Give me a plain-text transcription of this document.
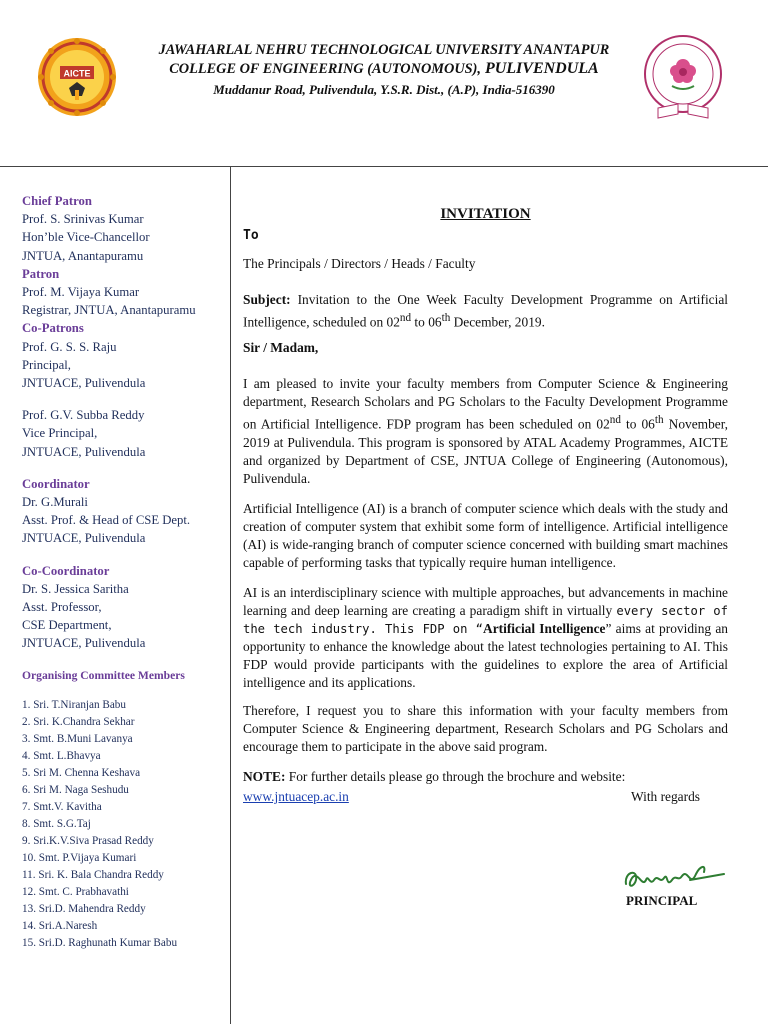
AICTE
JAWAHARLAL NEHRU TECHNOLOGICAL UNIVERSITY ANANTAPUR
COLLEGE OF ENGINEERING (AUTONOMOUS), PULIVENDULA
Muddanur Road, Pulivendula, Y.S.R. Dist., (A.P), India-516390
Chief Patron
Prof. S. Srinivas Kumar
Hon’ble Vice-Chancellor
JNTUA, Anantapuramu
Patron
Prof. M. Vijaya Kumar
Registrar, JNTUA, Anantapuramu
Co-Patrons
Prof. G. S. S. Raju
Principal,
JNTUACE, Pulivendula
Prof. G.V. Subba Reddy
Vice Principal,
JNTUACE, Pulivendula
Coordinator
Dr. G.Murali
Asst. Prof. & Head of CSE Dept.
JNTUACE, Pulivendula
Co-Coordinator
Dr. S. Jessica Saritha
Asst. Professor,
CSE Department,
JNTUACE, Pulivendula
Organising Committee Members
1. Sri. T.Niranjan Babu
2. Sri. K.Chandra Sekhar
3. Smt. B.Muni Lavanya
4. Smt. L.Bhavya
5. Sri M. Chenna Keshava
6. Sri M. Naga Seshudu
7. Smt.V. Kavitha
8. Smt. S.G.Taj
9. Sri.K.V.Siva Prasad Reddy
10. Smt. P.Vijaya Kumari
11. Sri. K. Bala Chandra Reddy
12. Smt. C. Prabhavathi
13. Sri.D. Mahendra Reddy
14. Sri.A.Naresh
15. Sri.D. Raghunath Kumar Babu

INVITATION

To

The Principals / Directors / Heads / Faculty

Subject: Invitation to the One Week Faculty Development Programme on Artificial Intelligence, scheduled on 02nd to 06th December, 2019.

Sir / Madam,

I am pleased to invite your faculty members from Computer Science & Engineering department, Research Scholars and PG Scholars to the Faculty Development Programme on Artificial Intelligence. FDP program has been scheduled on 02nd to 06th November, 2019 at Pulivendula. This program is sponsored by ATAL Academy Programmes, AICTE and organized by Department of CSE, JNTUA College of Engineering (Autonomous), Pulivendula.

Artificial Intelligence (AI) is a branch of computer science which deals with the study and creation of computer system that exhibit some form of intelligence. Artificial intelligence (AI) is wide-ranging branch of computer science concerned with building smart machines capable of performing tasks that typically require human intelligence.

AI is an interdisciplinary science with multiple approaches, but advancements in machine learning and deep learning are creating a paradigm shift in virtually every sector of the tech industry. This FDP on “Artificial Intelligence” aims at providing an opportunity to enhance the knowledge about the latest technologies pertaining to AI. This FDP would provide participants with the guidelines to explore the area of Artificial intelligence and its applications.

Therefore, I request you to share this information with your faculty members from Computer Science & Engineering department, Research Scholars and PG Scholars and encourage them to participate in the above said program.

NOTE: For further details please go through the brochure and website:

www.jntuacep.ac.in	With regards
PRINCIPAL
